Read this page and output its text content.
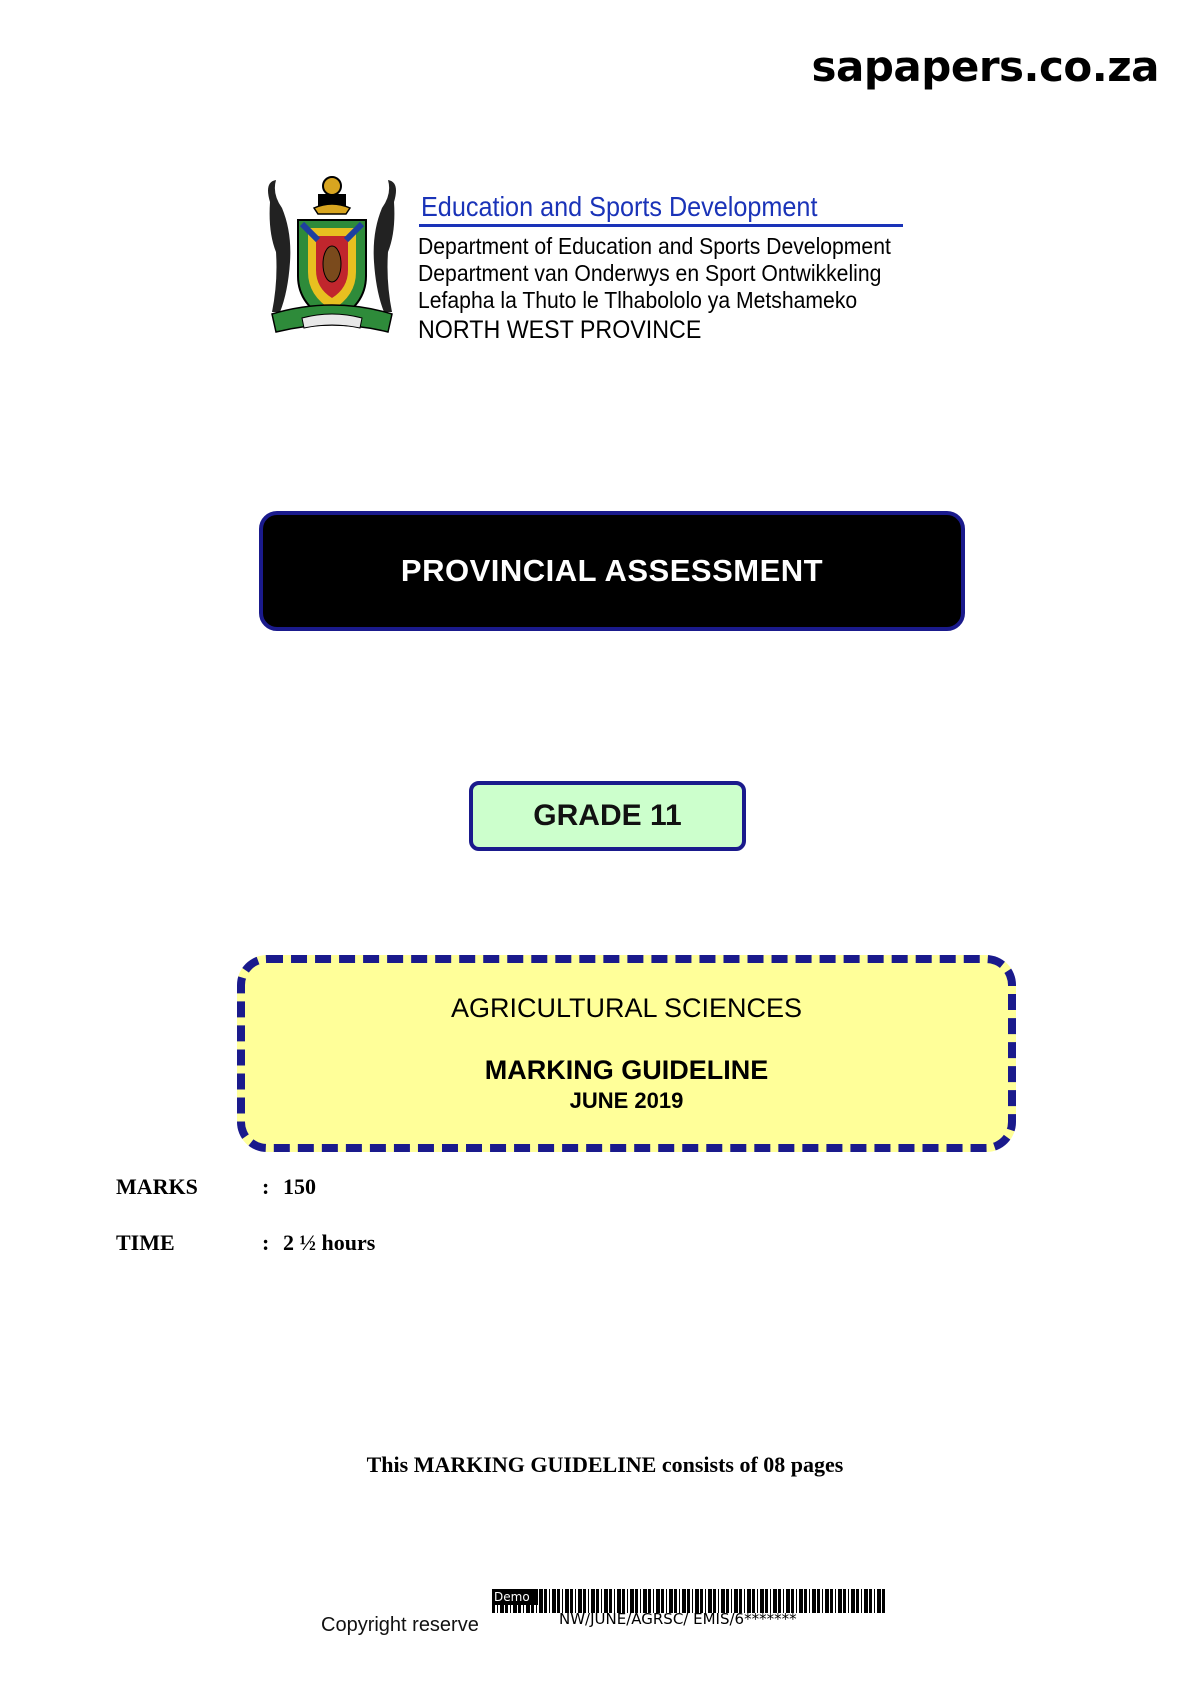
sapapers.co.za
Education and Sports Development
Department of Education and Sports Development
Department van Onderwys en Sport Ontwikkeling
Lefapha la Thuto le Tlhabololo ya Metshameko
NORTH WEST PROVINCE
PROVINCIAL ASSESSMENT
GRADE 11
AGRICULTURAL SCIENCES
MARKING GUIDELINE
JUNE 2019
MARKS	: 150
TIME	: 2 ½ hours
This MARKING GUIDELINE consists of 08 pages
Demo
Copyright reserve	NW/JUNE/AGRSC/ EMIS/6*******
